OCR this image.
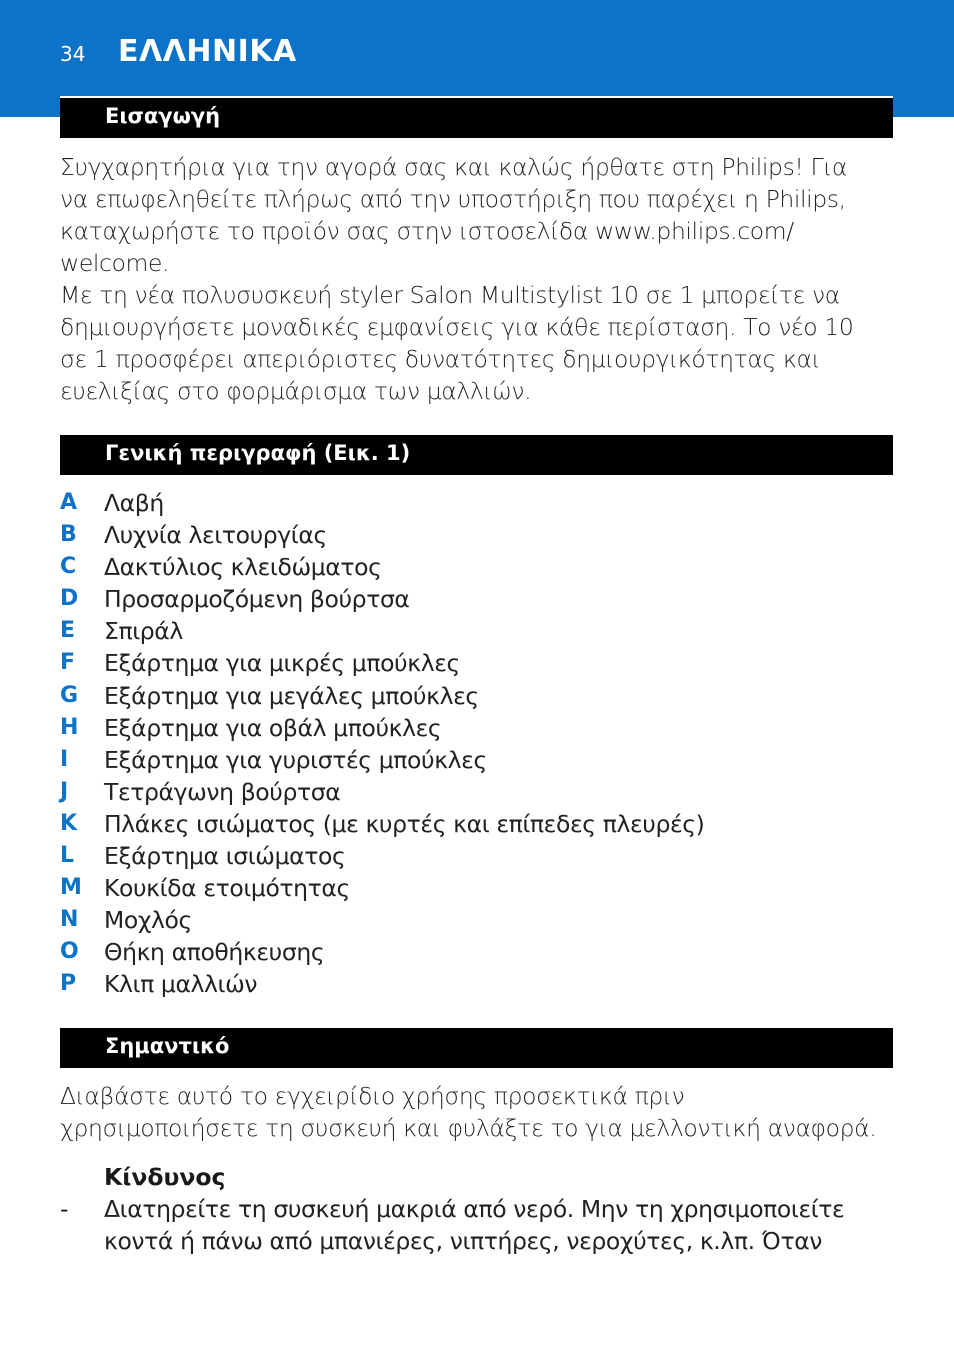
34 ΕΛΛΗΝΙΚΑ
Εισαγωγή
Συγχαρητήρια για την αγορά σας και καλώς ήρθατε στη Philips! Για
να επωφεληθείτε πλήρως από την υποστήριξη που παρέχει η Philips,
καταχωρήστε το προϊόν σας στην ιστοσελίδα www.philips.com/
welcome.
Με τη νέα πολυσυσκευή styler Salon Multistylist 10 σε 1 μπορείτε να
δημιουργήσετε μοναδικές εμφανίσεις για κάθε περίσταση. Το νέο 10
σε 1 προσφέρει απεριόριστες δυνατότητες δημιουργικότητας και
ευελιξίας στο φορμάρισμα των μαλλιών.
Γενική περιγραφή (Εικ. 1)
A	Λαβή
B	Λυχνία λειτουργίας
C	Δακτύλιος κλειδώματος
D	Προσαρμοζόμενη βούρτσα
E	Σπιράλ
F	Εξάρτημα για μικρές μπούκλες
G	Εξάρτημα για μεγάλες μπούκλες
H	Εξάρτημα για οβάλ μπούκλες
I	Εξάρτημα για γυριστές μπούκλες
J	Τετράγωνη βούρτσα
K	Πλάκες ισιώματος (με κυρτές και επίπεδες πλευρές)
L	Εξάρτημα ισιώματος
M Κουκίδα ετοιμότητας
N	Μοχλός
O	Θήκη αποθήκευσης
P	Κλιπ μαλλιών
Σημαντικό
Διαβάστε αυτό το εγχειρίδιο χρήσης προσεκτικά πριν
χρησιμοποιήσετε τη συσκευή και φυλάξτε το για μελλοντική αναφορά.
Κίνδυνος
- Διατηρείτε τη συσκευή μακριά από νερό. Μην τη χρησιμοποιείτε
κοντά ή πάνω από μπανιέρες, νιπτήρες, νεροχύτες, κ.λπ. Όταν
